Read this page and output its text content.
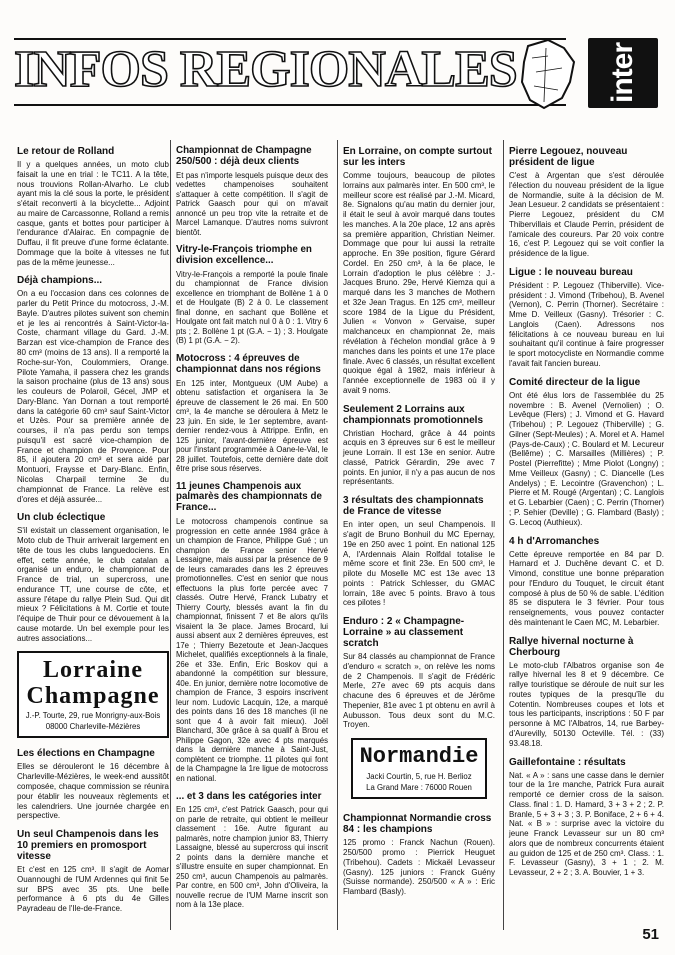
INFOS REGIONALES	inter
Le retour de Rolland

Il y a quelques années, un moto club faisait la une en trial : le TC11. A la tête, nous trouvions Rollan-Alvarho. Le club ayant mis la clé sous la porte, le président s'était reconverti à la bicyclette... Adjoint au maire de Carcassonne, Rolland a remis casque, gants et bottes pour participer à l'endurance d'Alairac. En compagnie de Duffau, il fit preuve d'une forme éclatante. Dommage que la boite à vitesses ne fut pas de la même jeunesse...

Déjà champions...

On a eu l'occasion dans ces colonnes de parler du Petit Prince du motocross, J.-M. Bayle. D'autres pilotes suivent son chemin et je les ai rencontrés à Saint-Victor-la-Coste, charmant village du Gard. J.-M. Barzan est vice-champion de France des 80 cm³ (moins de 13 ans). Il a remporté la Roche-sur-Yon, Coulommiers, Orange. Pilote Yamaha, il passera chez les grands la saison prochaine (plus de 13 ans) sous les couleurs de Polaroil, Gécel, JMP et Dary-Blanc. Yan Dornan a tout remporté dans la catégorie 60 cm³ sauf Saint-Victor et Uzès. Pour sa première année de courses, il n'a pas perdu son temps puisqu'il est sacré vice-champion de France et champion de Provence. Pour 85, il ajoutera 20 cm³ et sera aidé par Montuori, Fraysse et Dary-Blanc. Enfin, Nicolas Charpail termine 3e du championnat de France. La relève est d'ores et déjà assurée...

Un club éclectique

S'il existait un classement organisation, le Moto club de Thuir arriverait largement en tête de tous les clubs languedociens. En effet, cette année, le club catalan a organisé un enduro, le championnat de France de trial, un supercross, une endurance TT, une course de côte, et assure l'étape du rallye Plein Sud. Qui dit mieux ? Félicitations à M. Cortie et toute l'équipe de Thuir pour ce dévouement à la cause motarde. Un bel exemple pour les autres associations...

Lorraine Champagne
J.-P. Tourte, 29, rue Monrigny-aux-Bois
08000 Charleville-Mézières
Les élections en Champagne

Elles se dérouleront le 16 décembre à Charleville-Mézières, le week-end aussitôt composée, chaque commission se réunira pour établir les nouveaux règlements et les calendriers. Une journée chargée en perspective.

Un seul Champenois dans les 10 premiers en promosport vitesse

Et c'est en 125 cm³. Il s'agit de Aomar Ouannoughi de l'UM Ardennes qui finit 5e sur BPS avec 35 pts. Une belle performance à 6 pts du 4e Gilles Payradeau de l'Ile-de-France.

Championnat de Champagne 250/500 : déjà deux clients

Et pas n'importe lesquels puisque deux des vedettes champenoises souhaitent s'attaquer à cette compétition. Il s'agit de Patrick Gaasch pour qui on m'avait annoncé un peu trop vite la retraite et de Marcel Lamanque. D'autres noms suivront bientôt.

Vitry-le-François triomphe en division excellence...

Vitry-le-François a remporté la poule finale du championnat de France division excellence en triomphant de Bollène 1 à 0 et de Houlgate (B) 2 à 0. Le classement final donne, en sachant que Bollène et Houlgate ont fait match nul 0 à 0 : 1. Vitry 6 pts ; 2. Bollène 1 pt (G.A. − 1) ; 3. Houlgate (B) 1 pt (G.A. − 2).

Motocross : 4 épreuves de championnat dans nos régions

En 125 inter, Montgueux (UM Aube) a obtenu satisfaction et organisera la 3e épreuve de classement le 26 mai. En 500 cm³, la 4e manche se déroulera à Metz le 23 juin. En side, le 1er septembre, avant-dernier rendez-vous à Attrippe. Enfin, en 125 junior, l'avant-dernière épreuve est pour l'instant programmée à Oane-le-Val, le 28 juillet. Toutefois, cette dernière date doit être prise sous réserves.

11 jeunes Champenois aux palmarès des championnats de France...

Le motocross champenois continue sa progression en cette année 1984 grâce à un champion de France, Philippe Gué ; un champion de France senior Hervé Lessaigne, mais aussi par la présence de 9 de leurs camarades dans les 2 épreuves promotionnelles. C'est en senior que nous effectuons la plus forte percée avec 7 classés. Outre Hervé, Franck Lubatry et Thierry Courty, blessés avant la fin du championnat, finissent 7 et 8e alors qu'ils visaient la 3e place. James Brocard, lui aussi absent aux 2 dernières épreuves, est 17e ; Thierry Bezetoute et Jean-Jacques Michelet, qualifiés exceptionnels à la finale, 26e et 33e. Enfin, Eric Boskov qui a abandonné la compétition sur blessure, 40e. En junior, dernière notre locomotive de champion de France, 3 espoirs inscrivent leur nom. Ludovic Lacquin, 12e, a marqué des points dans 16 des 18 manches (il ne sont que 4 à avoir fait mieux). Joël Blanchard, 30e grâce à sa qualif à Brou et Philippe Gagon, 32e avec 4 pts marqués dans la dernière manche à Saint-Just, complètent ce triomphe. 11 pilotes qui font de la Champagne la 1re ligue de motocross en national.

... et 3 dans les catégories inter

En 125 cm³, c'est Patrick Gaasch, pour qui on parle de retraite, qui obtient le meilleur classement : 16e. Autre figurant au palmarès, notre champion junior 83, Thierry Lassaigne, blessé au supercross qui inscrit 2 points dans la dernière manche et s'illustre ensuite en super championnat. En 250 cm³, aucun Champenois au palmarès. Par contre, en 500 cm³, John d'Oliveira, la nouvelle recrue de l'UM Marne inscrit son nom à la 13e place.

En Lorraine, on compte surtout sur les inters

Comme toujours, beaucoup de pilotes lorrains aux palmarès inter. En 500 cm³, le meilleur score est réalisé par J.-M. Micard, 8e. Signalons qu'au matin du dernier jour, il était le seul à avoir marqué dans toutes les manches. A la 20e place, 12 ans après sa première apparition, Christian Neimer. Dommage que pour lui aussi la retraite approche. En 39e position, figure Gérard Cordel. En 250 cm³, à la 6e place, le Lorrain d'adoption le plus célèbre : J.-Jacques Bruno. 29e, Hervé Kiemza qui a marqué dans les 3 manches de Mothern et 32e Jean Tragus. En 125 cm³, meilleur score 1984 de la Ligue du Président, Julien « Vonvon » Gervaise, super malchanceux en championnat 2e, mais révélation à l'échelon mondial grâce à 9 manches dans les points et une 17e place finale. Avec 6 classés, un résultat excellent quoique égal à 1982, mais inférieur à l'année exceptionnelle de 1983 où il y avait 9 noms.

Seulement 2 Lorrains aux championnats promotionnels

Christian Hochard, grâce à 44 points acquis en 3 épreuves sur 6 est le meilleur jeune Lorrain. Il est 13e en senior. Autre classé, Patrick Gérardin, 29e avec 7 points. En junior, il n'y a pas aucun de nos représentants.

3 résultats des championnats de France de vitesse

En inter open, un seul Champenois. Il s'agit de Bruno Bonhuil du MC Epernay, 19e en 250 avec 1 point. En national 125 A, l'Ardennais Alain Rolfdal totalise le même score et finit 23e. En 500 cm³, le pilote du Moselle MC est 13e avec 13 points : Patrick Schlesser, du GMAC lorrain, 18e avec 5 points. Bravo à tous ces pilotes !

Enduro : 2 « Champagne-Lorraine » au classement scratch

Sur 84 classés au championnat de France d'enduro « scratch », on relève les noms de 2 Champenois. Il s'agit de Frédéric Merle, 27e avec 69 pts acquis dans chacune des 6 épreuves et de Jérôme Thepenier, 81e avec 1 pt obtenu en avril à Aubusson. Tous deux sont du M.C. Troyen.

Normandie
Jacki Courtin, 5, rue H. Berlioz
La Grand Mare : 76000 Rouen
Championnat Normandie cross 84 : les champions

125 promo : Franck Nachun (Rouen). 250/500 promo : Pierrick Heuguet (Tribehou). Cadets : Mickaël Levasseur (Gasny). 125 juniors : Franck Guény (Suisse normande). 250/500 « A » : Eric Flambard (Basly).

Pierre Legouez, nouveau président de ligue

C'est à Argentan que s'est déroulée l'élection du nouveau président de la ligue de Normandie, suite à la décision de M. Jean Lesueur. 2 candidats se présentaient : Pierre Legouez, président du CM Thibervillais et Claude Perrin, président de l'amicale des coureurs. Par 20 voix contre 16, c'est P. Legouez qui se voit confier la présidence de la ligue.

Ligue : le nouveau bureau

Président : P. Legouez (Thiberville). Vice-président : J. Vimond (Tribehou), B. Avenel (Vernon), C. Perrin (Thorner). Secrétaire : Mme D. Veilleux (Gasny). Trésorier : C. Langlois (Caen). Adressons nos félicitations à ce nouveau bureau en lui souhaitant qu'il continue à faire progresser le sport motocycliste en Normandie comme l'avait fait l'ancien bureau.

Comité directeur de la ligue

Ont été élus lors de l'assemblée du 25 novembre : B. Avenel (Vernolien) ; O. Levêque (Flers) ; J. Vimond et G. Havard (Tribehou) ; P. Legouez (Thiberville) ; G. Gilner (Sept-Meules) ; A. Morel et A. Hamel (Pays-de-Caux) ; C. Boulard et M. Lecureur (Bellême) ; C. Marsailles (Millières) ; P. Postel (Pierrefitte) ; Mme Piolot (Longny) ; Mme Veilleux (Gasny) ; C. Diancelle (Les Andelys) ; E. Lecointre (Gravenchon) ; L. Pierre et M. Rougé (Argentan) ; C. Langlois et G. Lebarbier (Caen) ; C. Perrin (Thorner) ; P. Sehier (Deville) ; G. Flambard (Basly) ; G. Lecoq (Authieux).

4 h d'Arromanches

Cette épreuve remportée en 84 par D. Harnard et J. Duchêne devant C. et D. Vimond, constitue une bonne préparation pour l'Enduro du Touquet, le circuit étant composé à plus de 50 % de sable. L'édition 85 se disputera le 3 février. Pour tous renseignements, vous pouvez contacter dès maintenant le Caen MC, M. Lebarbier.

Rallye hivernal nocturne à Cherbourg

Le moto-club l'Albatros organise son 4e rallye hivernal les 8 et 9 décembre. Ce rallye touristique se déroule de nuit sur les routes typiques de la presqu'île du Cotentin. Nombreuses coupes et lots et tous les participants, inscriptions : 50 F par personne à MC l'Albatros, 14, rue Barbey-d'Aurevilly, 50130 Octeville. Tél. : (33) 93.48.18.

Gaillefontaine : résultats

Nat. « A » : sans une casse dans le dernier tour de la 1re manche, Patrick Fura aurait remporté ce dernier cross de la saison. Class. final : 1. D. Hamard, 3 + 3 + 2 ; 2. P. Branle, 5 + 3 + 3 ; 3. P. Boniface, 2 + 6 + 4. Nat. « B » : surprise avec la victoire du jeune Franck Levasseur sur un 80 cm³ alors que de nombreux concurrents étaient au guidon de 125 et de 250 cm³. Class. : 1. F. Levasseur (Gasny), 3 + 1 ; 2. M. Levasseur, 2 + 2 ; 3. A. Bouvier, 1 + 3.

51
